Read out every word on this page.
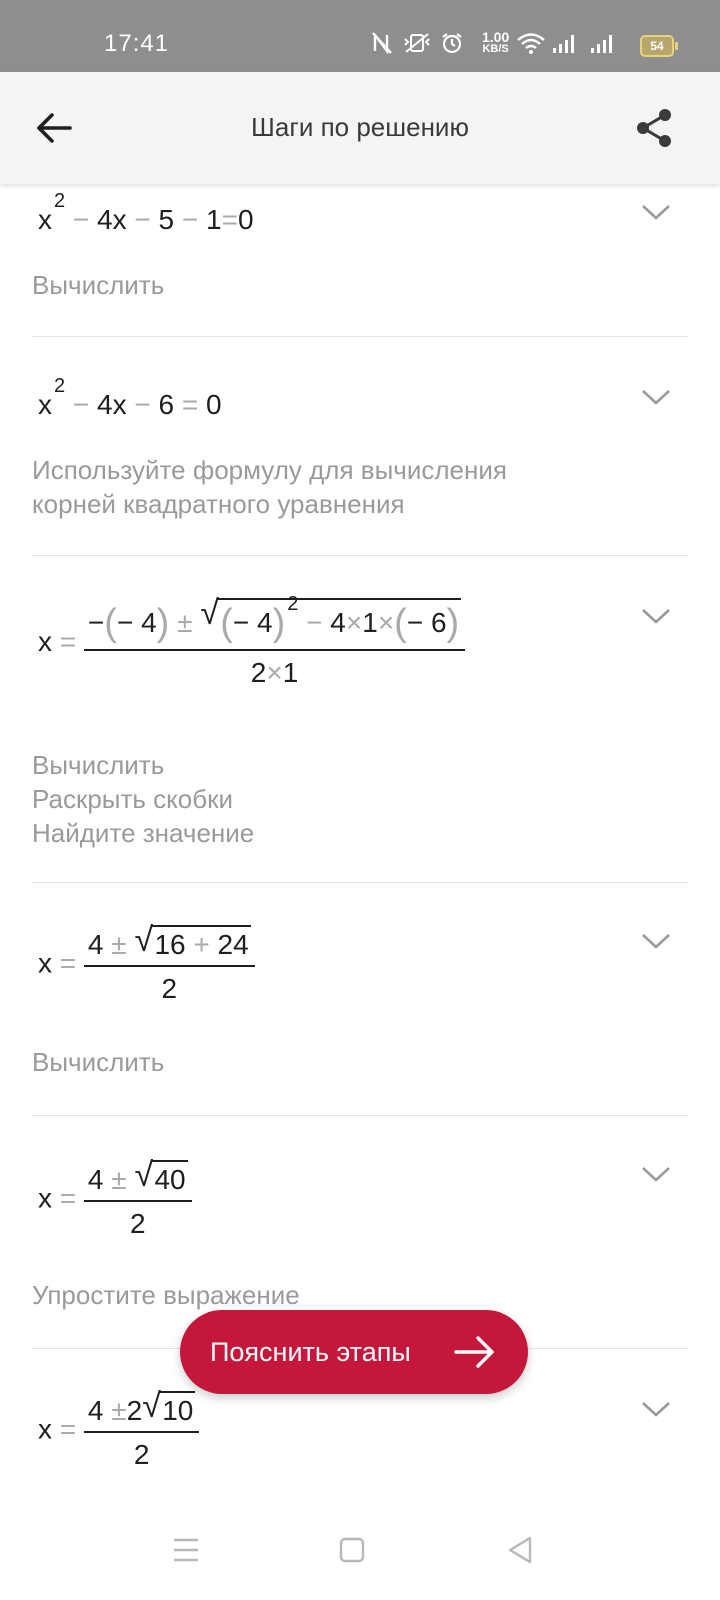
17:41	1.00
KB/S	54
Шаги по решению
$x^2 - 4x - 5 - 1=0$
Вычислить
$x^2 - 4x - 6 = 0$
Используйте формулу для вычисления
корней квадратного уравнения
x =
−(− 4) ± √ (− 4) $^2$ − 4×1×(− 6)
2×1
Вычислить
Раскрыть скобки
Найдите значение
$x = \frac{4 \pm √ 16 + 24}{2}$
Вычислить
$x = \frac{4 \pm √ 40}{2}$
Упростите выражение
$x = \frac{4 \pm 2 √ 10}{2}$
Пояснить этапы
